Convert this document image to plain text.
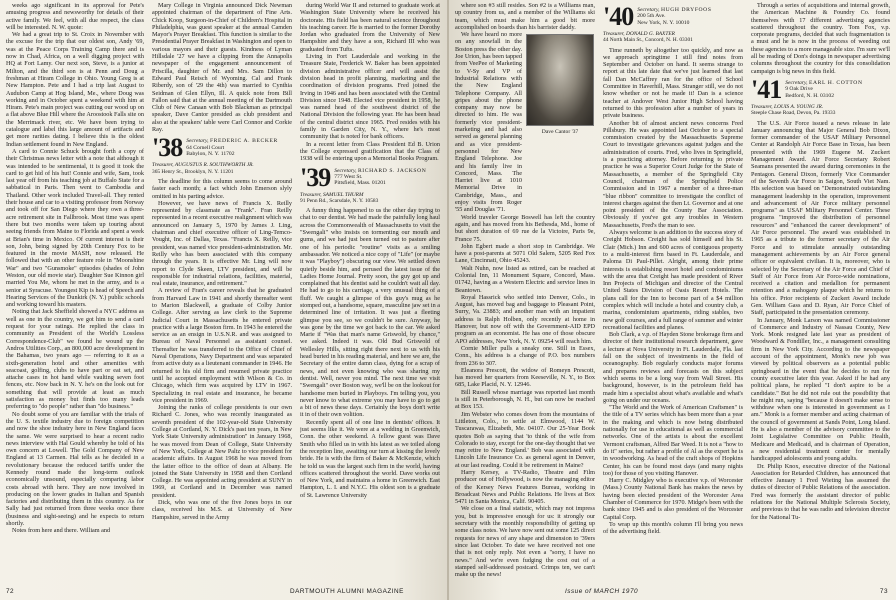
weeks ago significant in its approval for Pete's amusing progress and newsworthy for details of their active family. We feel, with all due respect, the class will be interested. N. W. quote:

We had a great trip to St. Croix in November with the excuse for the trip that our oldest son, Andy '69, was at the Peace Corps Training Camp there and is now in Chad, Africa, on a well digging project with HQ at Fort Lamy. Our next son, Steve, is a junior at Milton, and the third son is at Penn and Doug a freshman at Hiram College in Ohio. Young Greg is at New Hampton. Pete and I had a trip last August to Audubon Camp at Hog Island, Me., where Doug was working and in October spent a weekend with him at Hiram. Pete's main project was cutting our wood up on a flat above Blue Hill where the Aroostook Falls site on the Merrimack river, etc. We have been trying to catalogue and label this large amount of artifacts and get more rarities dating. I believe this is the oldest Indian settlement found in New England.

A card to Connie Schuck brought forth a copy of their Christmas news letter with a note that although it was intended to be sentimental, it is good it took the card to get hid of his hut! Connie and wife, Sam, took last year off from his teaching job at Buffalo State for a sabbatical in Paris. Then went to Cambodia and Thailand. Other work included Travel-all. They rented their house and car to a visiting professor from Norway and took off for San Diego where they own a three-acre retirement site in Fallbrook. Most time was spent there but two months were taken up touring about seeing friends from Maine to Florida and spent a week at Brian's time in Mexico. Of current interest is their son, John, being signed by 20th Century Fox to be featured in the movie MASH, now released. He followed that with an other feature role in "Moonshine War" and two "Gunsmoke" episodes (shades of John Weston, our old movie star). Daughter Sue Kinnon girl married You Me, whom he met in the army, and is a senior at Syracuse. Youngest Kip is head of Speech and Hearing Services of the Dunkirk (N. Y.) public schools and working toward his masters.

Noting that Jack Sheffield showed a NYC address as well as one in the country, we got him to send a card request for your ratings. He replied the class in community as President of the World's Lossless Correspondence-Club" we found he wound up the Andros Utilities Corp., an 800,000 acre development in the Bahamas, two years ago — referring to it as a sixth-generation hotel and other amenities with seacoast, golfing, clubs to have part or eat set, and attache cases in hot hand while vaulting seven foot fences, etc. Now back in N. Y. he's on the look out for something that will provide at least as much satisfaction as money but finds too many leads preferring to "do people" rather than "do business."

No doubt some of you are familiar with the trials of the U. S. textile industry due to foreign competition and now the shoe industry here in New England faces the same. We were surprised to hear a recent radio news interview with Hal Gould whereby he told of his own concern at Lowell. The Gold Company of New England at 13 Carmen. Hal tells as he decided in a revolutionary because the reduced tariffs under the Kennedy round made the long-term outlook economically unsound, especially comparing labor costs abroad with here. They are now involved in producing on the lower grades in Italian and Spanish factories and distributing them in this country. As for Sally had just returned from three weeks once there (business and sight-seeing) and he expects to return shortly.

Notes from here and there. William and

Mary College in Virginia announced Dick Newman appointed chairman of the department of Fine Arts. Chick Koop, Surgeon-in-Chief of Children's Hospital in Philadelphia, was guest speaker at the annual Camden Mayor's Prayer Breakfast. This function is similar to the Presidential Prayer Breakfast in Washington and open to various mayors and their guests. Kindness of Lyman Hillsdale '27 we have a clipping from the Annapolis newspaper of the engagement announcement of Priscilla, daughter of Mr. and Mrs. Sam Dillon to Edward Paul Reisch of Wyoming. Cal and Frank Riberdy, son of '29 the 4th) was married to Cynthia Seidman of Glen Ellyn, Ill. A quick note from Bill Fallon said that at the annual meeting of the Dartmouth Club of New Canaan with Bob Blackman as principal speaker, Dave Cantor presided as club president and also at the speakers' table were Carl Connor and Corkie Ray.

'38 Secretary, FREDERIC A. BECKER
64 Cornell Court
Babylon, N. Y. 11702
Treasurer, AUGUSTUS R. SOUTHWORTH JR.
365 Henry St., Brooklyn, N. Y. 11201

The deadline for this column seems to come around faster each month; a fact which John Emerson slyly omitted in his parting advice.

However, we have news of Francis X. Reilly represented by classmate as "Frank". Fran Reilly represented in a recent executive realignment which was announced on January 5, 1970 by James J. Ling, chairman and chief executive officer of Ling-Temco-Vought, Inc. of Dallas, Texas. "Francis X. Reilly, vice president, was named vice president-administration. Mr. Reilly who has been associated with this company through the years. It is effective Mr. Ling will now report to Clyde Skeen, LTV president, and will be responsible for industrial relations, facilities, material, real estate, insurance, and retirement."

A review of Fran's career reveals that he graduated from Harvard Law in 1941 and shortly thereafter went to Marion Blackwell, a graduate of Colby Junior College. After serving as law clerk to the Supreme Judicial Court in Massachusetts he entered private practice with a large Boston firm. In 1943 he entered the service as an ensign in U.S.N.R. and was assigned to Bureau of Naval Personnel as assistant counsel. Thereafter he was transferred to the Office of Chief of Naval Operations, Navy Department and was separated from active duty as a lieutenant commander in 1946. He returned to his old firm and resumed private practice until he accepted employment with Wilson & Co. in Chicago, which firm was acquired by LTV in 1967. Specializing in real estate and insurance, he became vice president in 1969.

Joining the ranks of college presidents is our own Richard C. Jones, who was recently inaugurated as seventh president of the 102-year-old State University College at Cortland, N. Y. Dick's past ten years, in New York State University administration" in January 1968, he was moved from Dean of College, State University of New York, College at New Paltz to vice president for academic affairs. In August 1968 he was moved from the latter office to the office of dean at Albany. He joined the State University in 1958 and then Cortland College. He was appointed acting president at SUNY in 1969, at Cortland and in December was named president.

Dick, who was one of the five Jones boys in our class, received his M.S. at University of New Hampshire, served in the Army

during World War II and returned to graduate work at Washington State University where he received his doctorate. His field has been natural science throughout his teaching career. He is married to the former Dorothy Jordan who graduated from the University of New Hampshire and they have a son, Richard III who was graduated from Tufts.

Living in Fort Lauderdale and working in the Treasure State, Frederick W. Baker has been appointed division administrative officer and will assist the division head in profit planning, marketing and the coordination of division programs. Fred joined the Irving in 1946 and has been associated with the Central Division since 1948. Elected vice president in 1958, he was named head of the southwest district of the National Division the following year. He has been head of the central district since 1965. Fred resides with his family in Garden City, N. Y., where he's most community that is noted for bank officers.

In a recent letter from Class President Ed B. Urion the College expressed gratification that the Class of 1938 will be entering upon a Memorial Books Program.

'39 Secretary, RICHARD S. JACKSON
777 West St.
Pittsfield, Mass. 01201
Treasurer, SAMUEL THURM
91 Penn Rd., Scarsdale, N. Y. 10583

A funny thing happened to us the other day trying to chat to our dentist. We had made the painfully long haul across the Commonwealth of Massachusetts to visit the "Swengali" who insists on tormenting our mouth and gums, and we had just been turned out to pasture after one of his periodic "routine" visits as a smiling ambassador. We noticed a nice copy of "Life" (or maybe it was "Playboy") obscuring our view. We settled down quietly beside him, and perused the latest issue of the Ladies Home Journal. Pretty soon, the guy got up and complained that his dentist said he couldn't wait all day. He had to go to his carriage, a very unusual thing of a fluff. We caught a glimpse of this guy's mug as he stomped out, a handsome, square, masculine jaw set in a determined line of irritation. It was just a fleeting glimpse you see, so we couldn't be sure. Anyway, he was gone by the time we got back to the car. We asked Marie if "Was that man's name Griswold, by chance," we asked. Indeed it was. Old Bud Griswold of Wellesley Hills, sitting right there next to us with his head buried in his reading material, and here we are, the Secretary of the entire damn class, dying for a scrap of news, and not even knowing who was sharing my dentist. Well, never you mind. The next time we visit "Swengali" over Boston way, we'll be on the lookout for handsome men buried in Playboys. I'm telling you, you never know to what extreme you may have to go to get a bit of news these days. Certainly the boys don't write it in of their own volition.

Recently spent all of one line in dentists' offices. It just seems like it. We were at a wedding in Greenwich, Conn. the other weekend. A fellow guest was Dave Smith who filled us in with his latest as we toiled along the reception line, awaiting our turn at kissing the lovely bride. He is with the firm of Baker & McKenzie, which he told us was the largest such firm in the world, having offices scattered throughout the world. Dave works out of New York, and maintains a home in Greenwich. East Hampton, L. I. and N.Y.C. His oldest son is a graduate of St. Lawrence University

72	DARTMOUTH ALUMNI MAGAZINE

where son #3 still resides. Son #2 is a Williams man, up country from us, and a member of the Williams ski team, which must make him a good bit more accomplished on boards than his barrister daddy.

We have heard no more on any snowfall in the Boston press the other day. Joe Urion, has been tapped from VeePee of Marketing to V-Sy and VP of Industrial Relations with the New England Telephone Company. All gripes about the phone company may now be directed to him. He was formerly vice president-marketing and had also served as general planning and as vice president-personnel for New England Telephone. Joe and his family live in Concord, Mass. The Harriet live at 1010 Memorial Drive in Cambridge, Mass., and enjoy visits from Roger '55 and Douglas '71.

Dave Cantor '37

World traveler George Boswell has left the country again, and has moved from his Bethesda, Md., home of but short duration of 69 rue de la Victoire, Paris 9e, France 75.

John Egbert made a short stop in Cambridge. We have a post-parents at 5071 Old Salem, 5205 Red Fox Lane, Cincinnati, Ohio 45243.

Walt Nuhn, now listed as retired, can be reached at Colonial Inn, 11 Monument Square, Concord, Mass. 01742, having as a Western Electric and service lines in Beantown.

Royal Hassrick who settled into Denver, Colo., in August, has moved bag and baggage to Pleasant Point, Surry, Va. 23883; and another man with an impatient address is Ralph Holben, only recently at home in Hanover, but now off with the Government-AID EPD program as an economist. He has one of those obscure APO addresses, New York, N. Y. 09254 will reach him.

Cornie Miller pulls a sneaky one. Still in Essex, Conn., his address is a change of P.O. box numbers from 236 to 307.

Eleanora Prescott, the widow of Romeyn Prescott, has moved her quarters from Keeseville, N. Y., to Box 685, Lake Placid, N. Y. 12946.

Bill Russell whose marriage was reported last month is still in Peterborough, N. H., but can now be reached at Box 153.

Jim Webster who comes down from the mountains of Littleton, Colo., to settle at Elmwood, 1144 W. Tuscarawas, Elizabeth, Me. 04107. Our 25-Year Book quotes Bob as saying that 'to think of the wife from Colorado to stay, except for the one-day thought that we may retire to New England.' Bob was associated with Lincoln Life Insurance Co. as general agent in Denver, at our last reading. Could it be retirement in Maine?

Harry Kersey, a TV-Radio, Theatre and Film producer out of Hollywood, is now the managing editor of the Kersey News Features Bureau, working in Broadcast News and Public Relations. He lives at Box 5471 in Santa Monica, Calif. 90405.

We close on a final statistic, which may not impress you, but is impressive enough for us: it strongly our secretary with the monthly responsibility of getting up some class notes. We have now sent out some 125 direct requests for news of any shape and dimension to '39ers since last October. To date we have received not one that is not only reply. Not even a "sorry, I have no news." And we're even fudging the cost out of a stamped self-addressed postcard. Crimps ten, we can't make up the news!

'40 Secretary, HUGH DRYFOOS
200 5th Ave.
New York, N. Y. 10010
Treasurer, DONALD G. BAXTER
44 North Main St., Concord, N. H. 03301

Time runneth by altogether too quickly, and now as we approach springtime I still find notes from September and October on hand. It seems strange to report at this late date that we've just learned that last fall Dan McCaffrey ran for the office of School Committee in Haverhill, Mass. Stranger still, we do not know whether or not he made it! Dan is a science teacher at Andover West Junior High School having returned to this profession after a number of years in private business.

Another bit of almost ancient news concerns Fred Pillsbury. He was appointed last October to a special commission created by the Massachusetts Supreme Court to investigate grievances against judges and the administration of courts. Fred, who lives in Springfield, is a practicing attorney. Before returning to private practice he was a Superior Court Judge for the State of Massachusetts, a member of the Springfield City Council, chairman of the Springfield Police Commission and in 1967 a member of a three-man "blue ribbon" committee to investigate the conflict of interest charges against the then Lt. Governor and at one point president of the County Bar Association. Obviously if you've got any troubles in Western Massachusetts, Fred's the man to see.

Always welcome is an addition to the success story of Creight Hobson. Creight has sold himself and his St. Clair (Mich.) Inn and 600 acres of contiguous property to a multi-interest firm based in Ft. Lauderdale, and Paloma Di Paul-Pillet. Alright, among their prime interests is establishing resort hotel and condominiums with the area that Creight has made president of River Inn Projects of Michigan and director of the Central United States Division of Oasis Resort Hotels. The plans call for the Inn to become part of a $4 million complex which will include a hotel and country club, a marina, condominium apartments, riding stables, two new golf courses, and a full range of summer and winter recreational facilities and planes.

Bob Clark, a v.p. of Hayden Stone brokerage firm and director of their institutional research department, gave a lecture at Nova University in Ft. Lauderdale, Fla. last fall on the subject of investments in the field of oceanography. Bob regularly conducts major forums and prepares reviews and forecasts on this subject which seems to be a long way from Wall Street. His background, however, is in the petroleum field has made him a specialist about what's available and what's going on under our oceans.

"The World and the Work of American Craftsmen" is the title of a TV series which has been more than a year in the making and which is now being distributed nationally for use in educational as well as commercial networks. One of the artists is about the excellent Vermont craftsman, Alfred Bar Weed. It is not a "how to do it" series, but rather a profile of Al as the expert he is in woodworking. As head of the craft shops of Hopkins Center, his can be found most days (and many nights too) for those of you visiting Hanover.

Harry C. Midgley who is executive v.p. of Worcester (Mass.) County National Bank has makes the news by having been elected president of the Worcester Area Chamber of Commerce for 1970. Midge's been with the bank since 1945 and is also president of the Worcester Capital Corp.

To wrap up this month's column I'll bring you news of the advertising field.

Through a series of acquisitions and internal growth, the American Machine & Foundry Co. found themselves with 17 different advertising agencies scattered throughout the country. Tom Fox, v.p. corporate programs, decided that such fragmentation is a must and he is now in the process of weeding out these agencies to a more manageable size. I'm sure we'll all be reading of Don's doings in newspaper advertising columns throughout the country for this consolidation campaign is big news in this field.

'41 Secretary, EARL H. COTTON
9 Oak Drive
Bedford, N. H. 03102
Treasurer, LOUIS A. YOUNG JR.
Steeple Chase Road, Devon, Pa. 19333

The U.S. Air Force issued a news release in late January announcing that Major General Bob Dixon, former commander of the USAF Military Personnel Center at Randolph Air Force Base in Texas, has been presented with the 1969 Eugene M. Zuckert Management Award. Air Force Secretary Robert Seamans presented the award during ceremonies in the Pentagon. General Dixon, formerly Vice Commander of the Seventh Air Force in Saigon, South Viet Nam. His selection was based on "Demonstrated outstanding management leadership in the operation, improvement and advancement of Air Force military personnel programs" as USAF Military Personnel Center. These programs "improved the distribution of personnel resources" and "enhanced the career development" of Air Force personnel. The award was established in 1965 as a tribute to the former secretary of the Air Force and to stimulate annually outstanding management achievements by an Air Force general officer or equivalent civilian. It is, moreover, who is selected by the Secretary of the Air Force and Chief of Staff of Air Force from Air Force-wide nominations, received a citation and medallion for permanent retention and a mahogany plaque which he returns to his office. Prior recipients of Zuckert Award include Gen. William Gass and D. Ryan, Air Force Chief of Staff, participated in the presentation ceremony.

In January, Monk Larson was named Commissioner of Commerce and Industry of Nassau County, New York. Monk resigned late last year as president of Woodward & Fondiller, Inc., a management consulting firm in New York City. According to the newspaper account of the appointment, Monk's new job was viewed by political observers as a potential public springboard in the event that he decides to run for county executive later this year. Asked if he had any political plans, he replied "I don't aspire to be a candidate." But he did not rule out the possibility that he might run, saying "because it doesn't make sense to withdraw when one is interested in government as I am." Monk is a former member and acting chairman of the council of government at Sands Point, Long Island. He is also a member of the advisory committee to the Joint Legislative Committee on Public Health, Medicare and Medicaid, and is chairman of Operation, a new residential treatment center for mentally handicapped adolescents and young adults.

Dr. Philip Knox, executive director of the National Association for Retarded Children, has announced that effective January 1 Fred Wieting has assumed the duties of director of Public Relations of the association. Fred was formerly the assistant director of public relations for the National Multiple Sclerosis Society, and previous to that he was radio and television director for the National Tu-

Issue of MARCH 1970	73
